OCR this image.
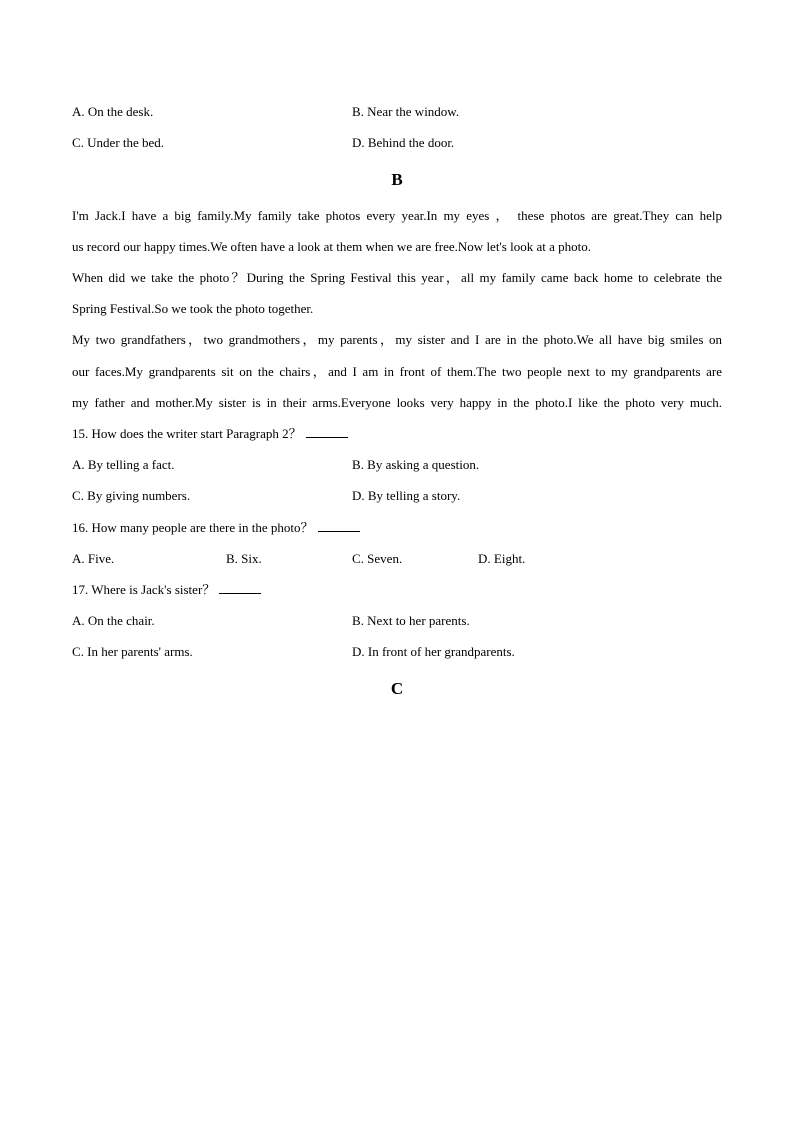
A. On the desk.	B. Near the window.
C. Under the bed.	D. Behind the door.
B
I'm Jack.I have a big family.My family take photos every year.In my eyes ， these photos are great.They can help
us record our happy times.We often have a look at them when we are free.Now let's look at a photo.
When did we take the photo？During the Spring Festival this year，all my family came back home to celebrate the
Spring Festival.So we took the photo together.
My two grandfathers，two grandmothers，my parents，my sister and I are in the photo.We all have big smiles on
our faces.My grandparents sit on the chairs，and I am in front of them.The two people next to my grandparents are
my father and mother.My sister is in their arms.Everyone looks very happy in the photo.I like the photo very much.
15. How does the writer start Paragraph 2？
A. By telling a fact.	B. By asking a question.
C. By giving numbers.	D. By telling a story.
16. How many people are there in the photo？
A. Five.	B. Six.	C. Seven.	D. Eight.
17. Where is Jack's sister？
A. On the chair.	B. Next to her parents.
C. In her parents' arms.	D. In front of her grandparents.
C
